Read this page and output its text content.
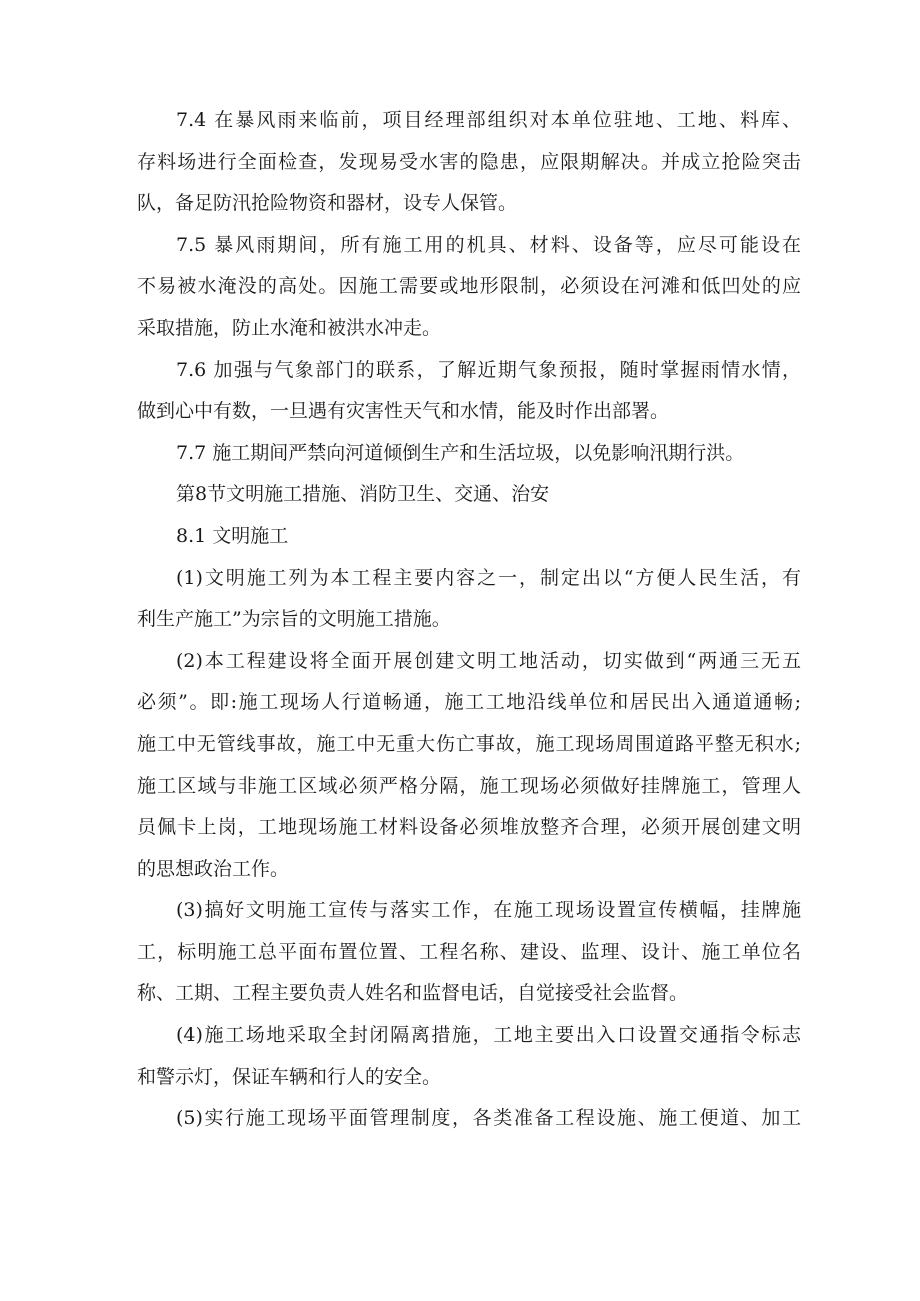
7.4 在暴风雨来临前，项目经理部组织对本单位驻地、工地、料库、
存料场进行全面检查，发现易受水害的隐患，应限期解决。并成立抢险突击
队，备足防汛抢险物资和器材，设专人保管。
7.5 暴风雨期间，所有施工用的机具、材料、设备等，应尽可能设在
不易被水淹没的高处。因施工需要或地形限制，必须设在河滩和低凹处的应
采取措施，防止水淹和被洪水冲走。
7.6 加强与气象部门的联系，了解近期气象预报，随时掌握雨情水情，
做到心中有数，一旦遇有灾害性天气和水情，能及时作出部署。
7.7 施工期间严禁向河道倾倒生产和生活垃圾，以免影响汛期行洪。
第8节文明施工措施、消防卫生、交通、治安
8.1 文明施工
(1)文明施工列为本工程主要内容之一，制定出以“方便人民生活，有
利生产施工”为宗旨的文明施工措施。
(2)本工程建设将全面开展创建文明工地活动，切实做到“两通三无五
必须”。即:施工现场人行道畅通，施工工地沿线单位和居民出入通道通畅;
施工中无管线事故，施工中无重大伤亡事故，施工现场周围道路平整无积水;
施工区域与非施工区域必须严格分隔，施工现场必须做好挂牌施工，管理人
员佩卡上岗，工地现场施工材料设备必须堆放整齐合理，必须开展创建文明
的思想政治工作。
(3)搞好文明施工宣传与落实工作，在施工现场设置宣传横幅，挂牌施
工，标明施工总平面布置位置、工程名称、建设、监理、设计、施工单位名
称、工期、工程主要负责人姓名和监督电话，自觉接受社会监督。
(4)施工场地采取全封闭隔离措施，工地主要出入口设置交通指令标志
和警示灯，保证车辆和行人的安全。
(5)实行施工现场平面管理制度，各类准备工程设施、施工便道、加工
